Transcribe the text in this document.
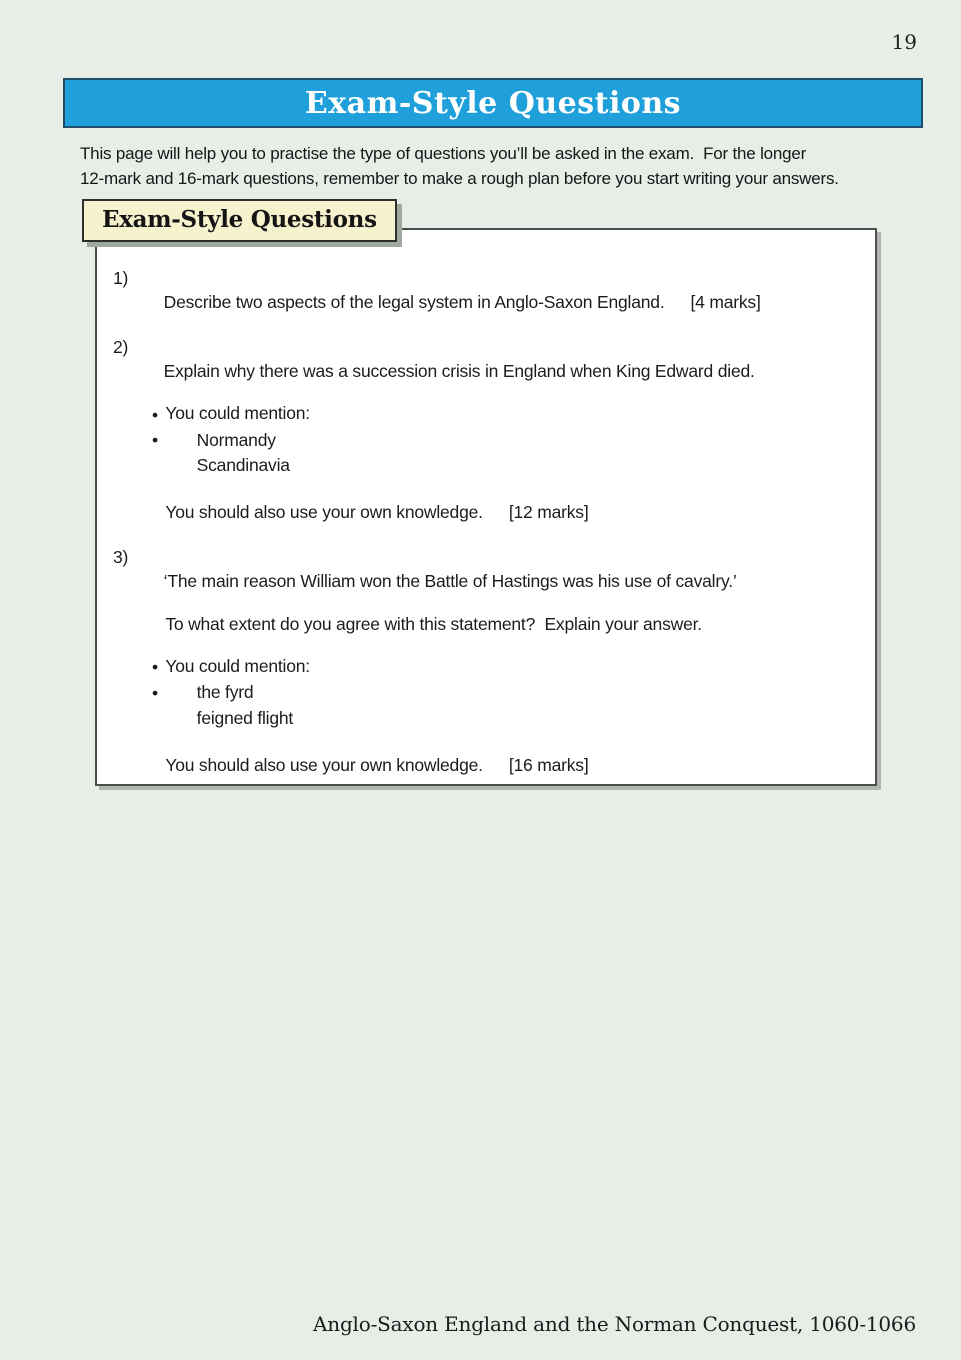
19
Exam-Style Questions
This page will help you to practise the type of questions you’ll be asked in the exam.  For the longer
12-mark and 16-mark questions, remember to make a rough plan before you start writing your answers.
Exam-Style Questions

1)
Describe two aspects of the legal system in Anglo-Saxon England. [4 marks]

2)
Explain why there was a succession crisis in England when King Edward died.

You could mention:

•
Normandy

•
Scandinavia

You should also use your own knowledge. [12 marks]

3)
‘The main reason William won the Battle of Hastings was his use of cavalry.’

To what extent do you agree with this statement?  Explain your answer.

You could mention:

•
the fyrd

•
feigned flight

You should also use your own knowledge. [16 marks]

Anglo-Saxon England and the Norman Conquest, 1060-1066
